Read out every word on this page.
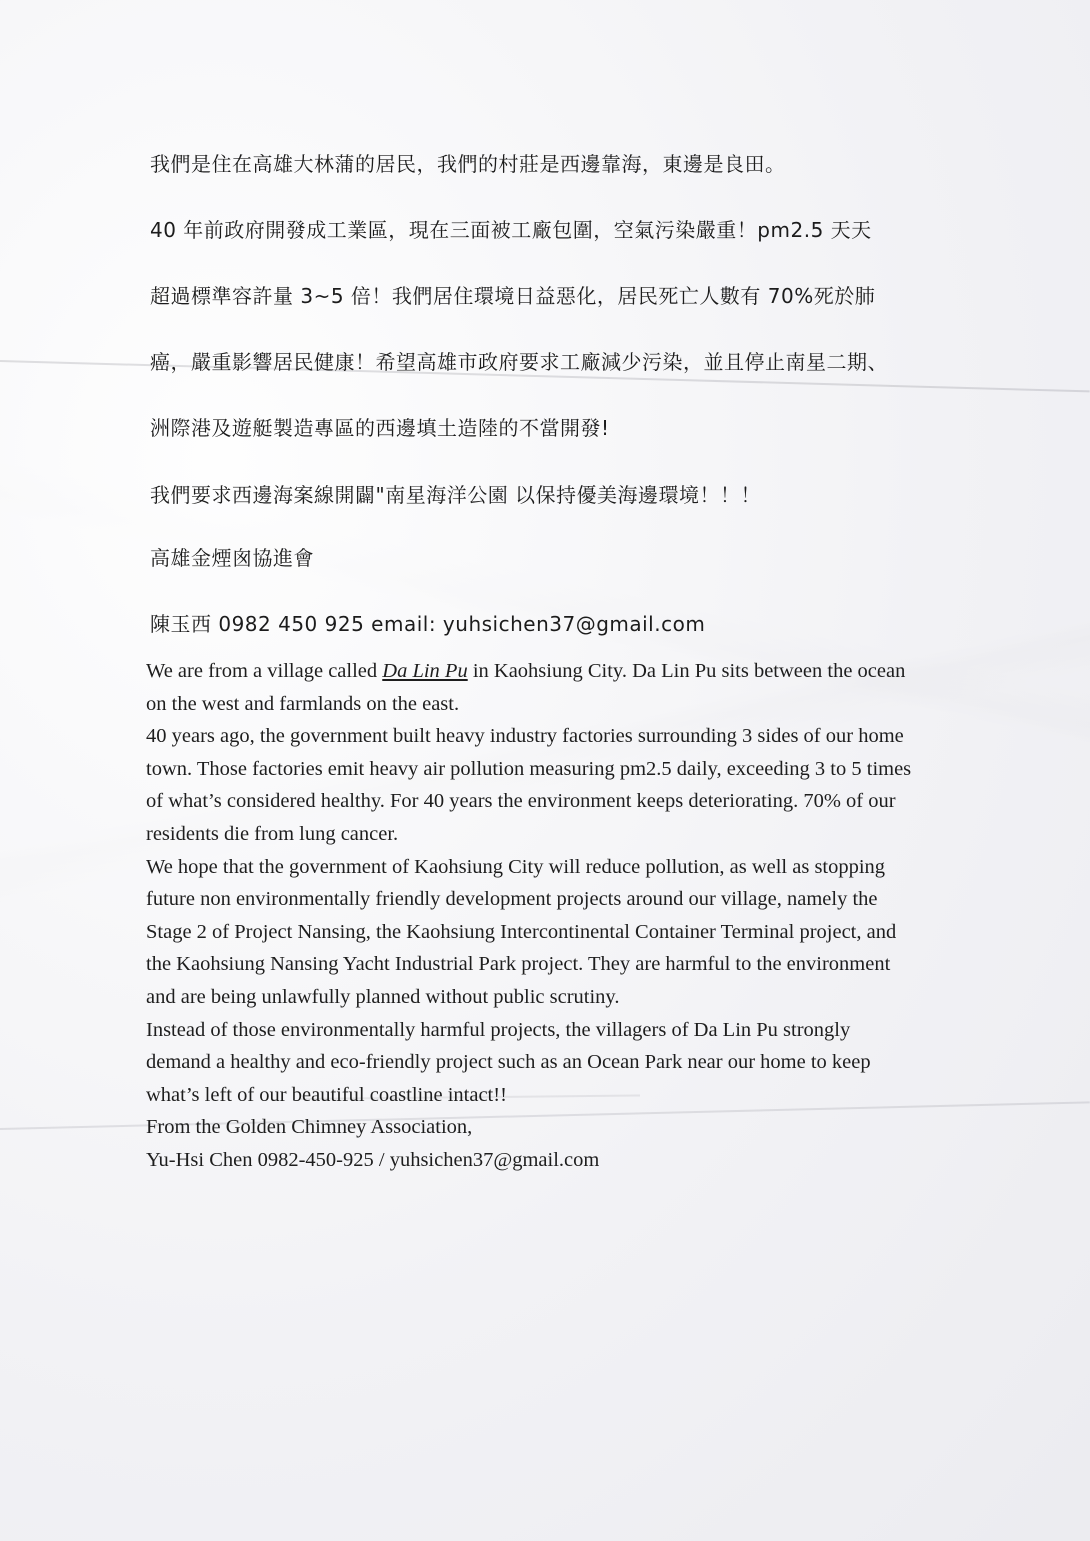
我們是住在高雄大林蒲的居民，我們的村莊是西邊靠海，東邊是良田。
40 年前政府開發成工業區，現在三面被工廠包圍，空氣污染嚴重！pm2.5 天天
超過標準容許量 3~5 倍！我們居住環境日益惡化，居民死亡人數有 70%死於肺
癌，嚴重影響居民健康！希望高雄市政府要求工廠減少污染，並且停止南星二期、
洲際港及遊艇製造專區的西邊填土造陸的不當開發!
我們要求西邊海案線開闢"南星海洋公園 以保持優美海邊環境！！！
高雄金煙囪協進會
陳玉西 0982 450 925 email: yuhsichen37@gmail.com

We are from a village called Da Lin Pu in Kaohsiung City. Da Lin Pu sits between the ocean on the west and farmlands on the east.

40 years ago, the government built heavy industry factories surrounding 3 sides of our home town. Those factories emit heavy air pollution measuring pm2.5 daily, exceeding 3 to 5 times of what’s considered healthy. For 40 years the environment keeps deteriorating. 70% of our residents die from lung cancer.

We hope that the government of Kaohsiung City will reduce pollution, as well as stopping future non environmentally friendly development projects around our village, namely the Stage 2 of Project Nansing, the Kaohsiung Intercontinental Container Terminal project, and the Kaohsiung Nansing Yacht Industrial Park project. They are harmful to the environment and are being unlawfully planned without public scrutiny.

Instead of those environmentally harmful projects, the villagers of Da Lin Pu strongly demand a healthy and eco-friendly project such as an Ocean Park near our home to keep what’s left of our beautiful coastline intact!!

From the Golden Chimney Association,

Yu-Hsi Chen 0982-450-925 / yuhsichen37@gmail.com
